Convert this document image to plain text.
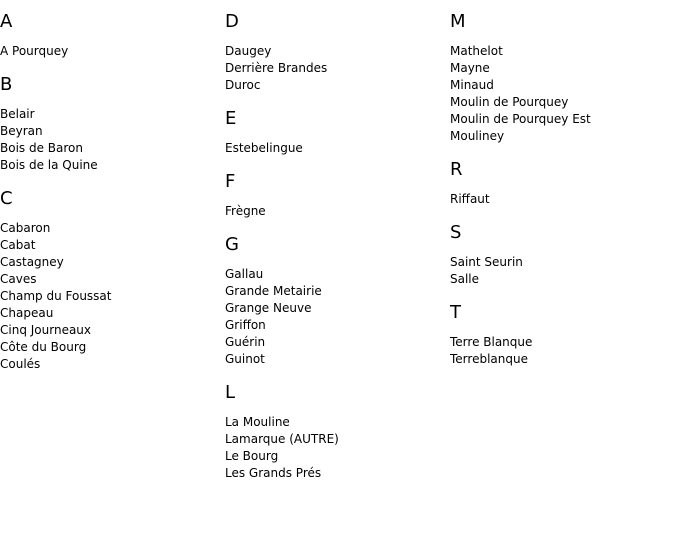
A
A Pourquey
B
Belair
Beyran
Bois de Baron
Bois de la Quine
C
Cabaron
Cabat
Castagney
Caves
Champ du Foussat
Chapeau
Cinq Journeaux
Côte du Bourg
Coulés
D
Daugey
Derrière Brandes
Duroc
E
Estebelingue
F
Frègne
G
Gallau
Grande Metairie
Grange Neuve
Griffon
Guérin
Guinot
L
La Mouline
Lamarque (AUTRE)
Le Bourg
Les Grands Prés
M
Mathelot
Mayne
Minaud
Moulin de Pourquey
Moulin de Pourquey Est
Mouliney
R
Riffaut
S
Saint Seurin
Salle
T
Terre Blanque
Terreblanque
